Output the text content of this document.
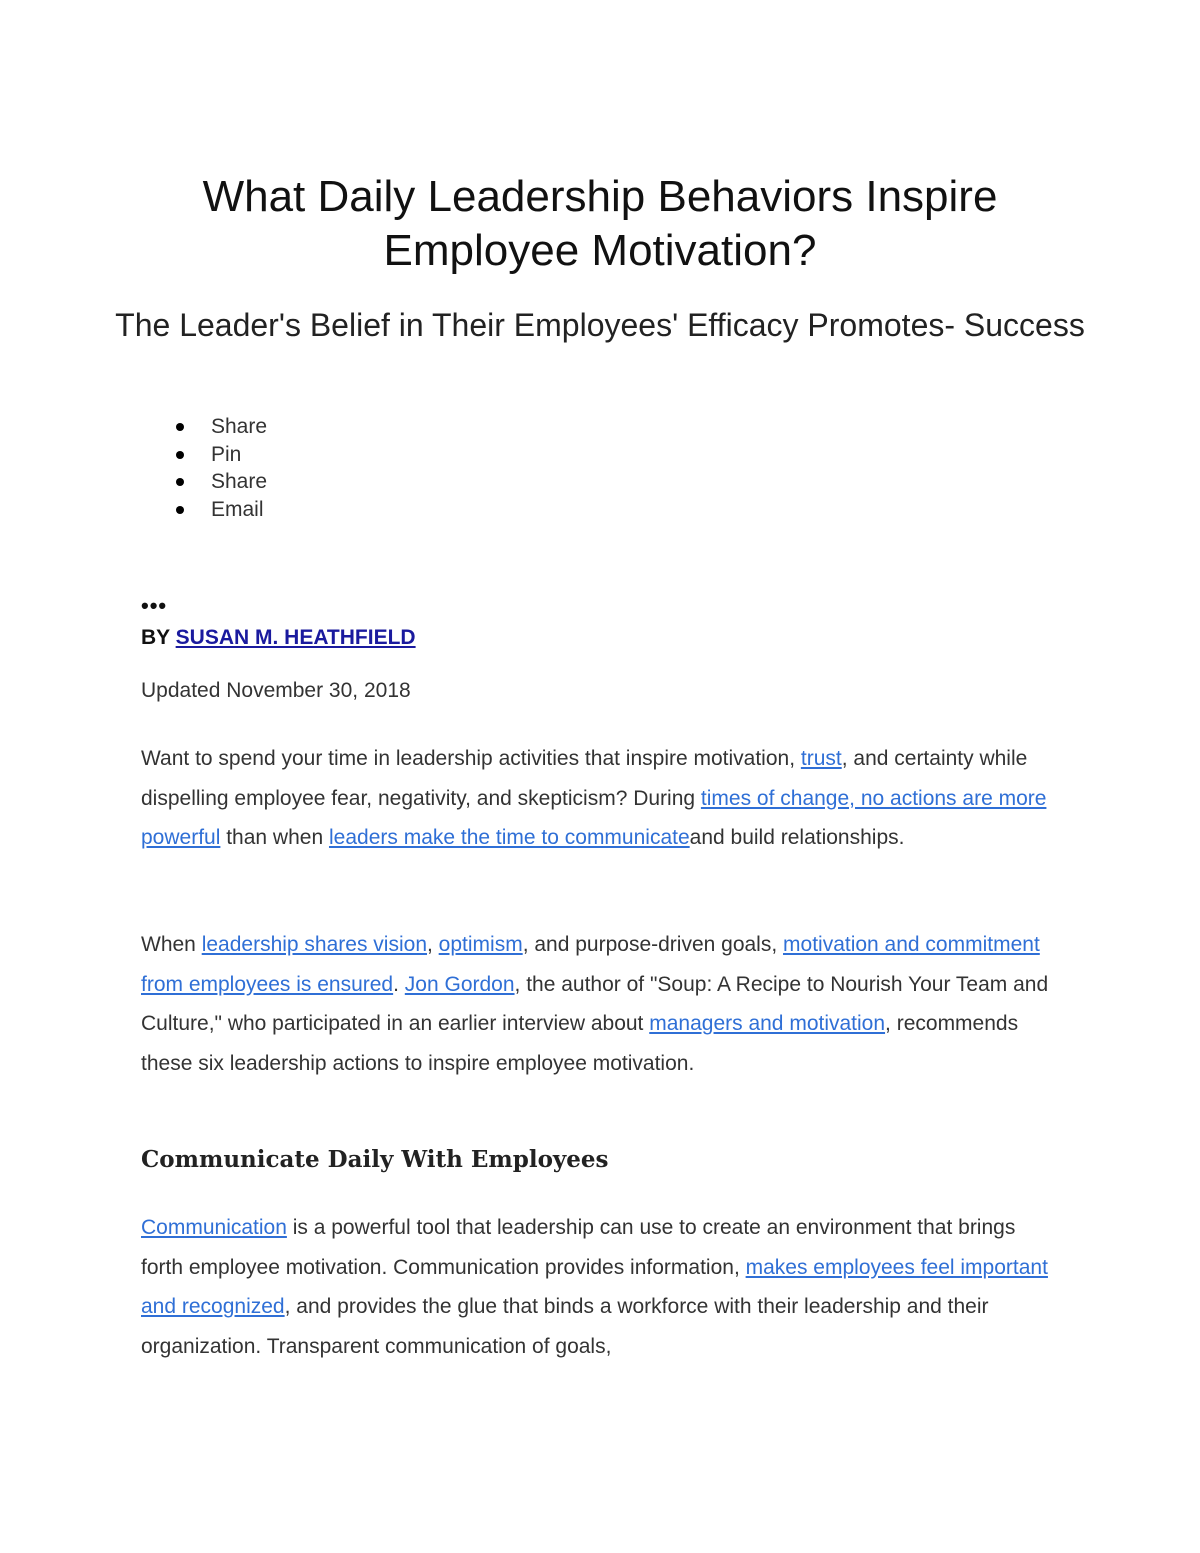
What Daily Leadership Behaviors Inspire Employee Motivation?
The Leader's Belief in Their Employees' Efficacy Promotes- Success
Share
Pin
Share
Email
•••

BY SUSAN M. HEATHFIELD

Updated November 30, 2018

Want to spend your time in leadership activities that inspire motivation, trust, and certainty while dispelling employee fear, negativity, and skepticism? During times of change, no actions are more powerful than when leaders make the time to communicateand build relationships.

When leadership shares vision, optimism, and purpose-driven goals, motivation and commitment from employees is ensured. Jon Gordon, the author of "Soup: A Recipe to Nourish Your Team and Culture," who participated in an earlier interview about managers and motivation, recommends these six leadership actions to inspire employee motivation.

Communicate Daily With Employees

Communication is a powerful tool that leadership can use to create an environment that brings forth employee motivation. Communication provides information, makes employees feel important and recognized, and provides the glue that binds a workforce with their leadership and their organization. Transparent communication of goals,
